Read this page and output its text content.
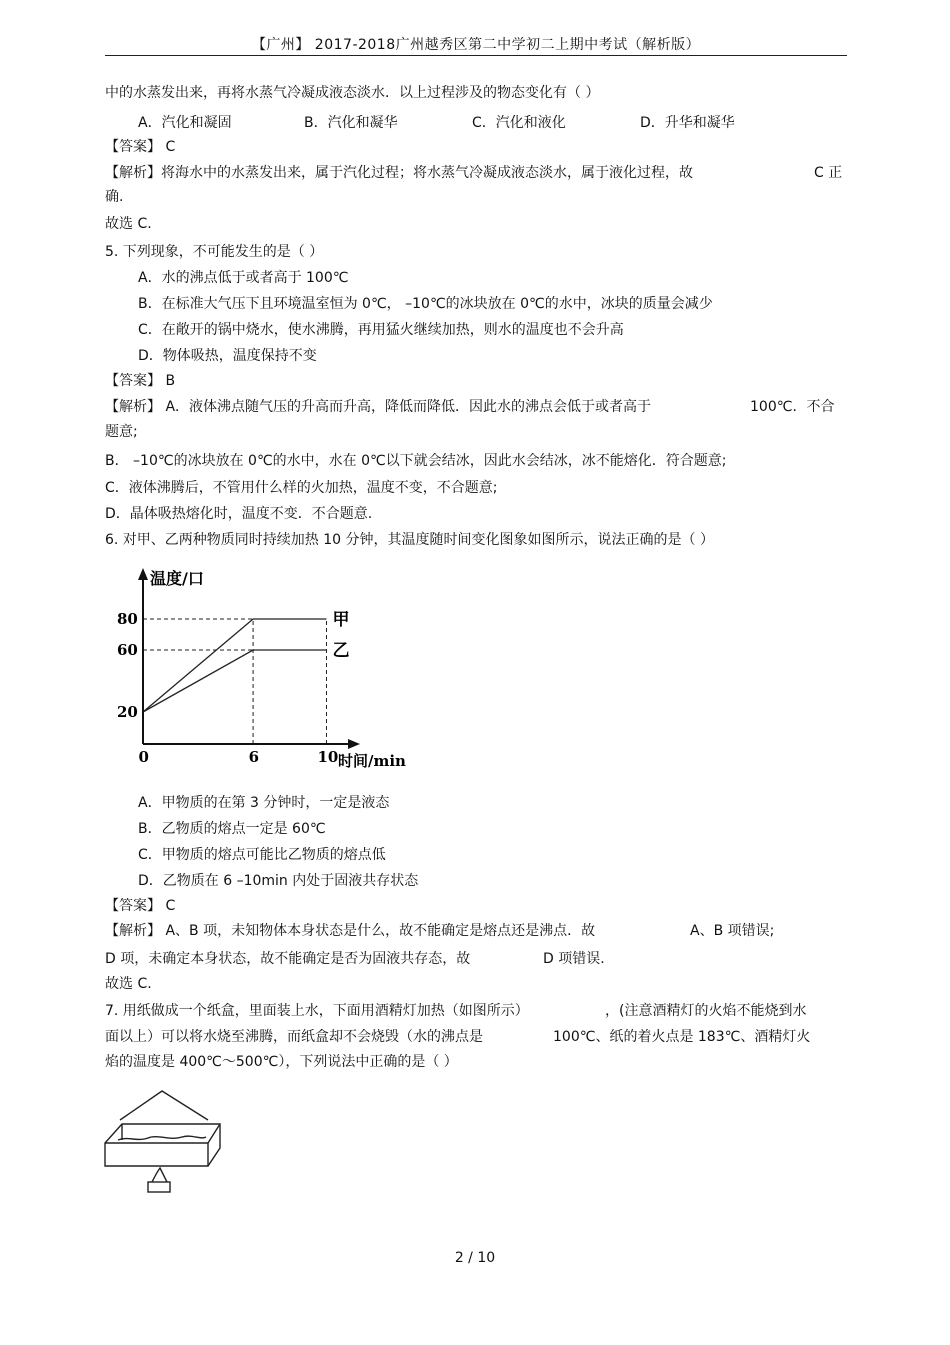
【广州】 2017-2018广州越秀区第二中学初二上期中考试（解析版）
中的水蒸发出来，再将水蒸气冷凝成液态淡水．以上过程涉及的物态变化有（ ）
A．汽化和凝固	B．汽化和凝华	C．汽化和液化	D．升华和凝华
【答案】 C
【解析】将海水中的水蒸发出来，属于汽化过程；将水蒸气冷凝成液态淡水，属于液化过程，故	C 正
确.
故选 C.
5. 下列现象，不可能发生的是（ ）
A．水的沸点低于或者高于 100℃
B．在标准大气压下且环境温室恒为 0℃， –10℃的冰块放在 0℃的水中，冰块的质量会减少
C．在敞开的锅中烧水，使水沸腾，再用猛火继续加热，则水的温度也不会升高
D．物体吸热，温度保持不变
【答案】 B
【解析】 A．液体沸点随气压的升高而升高，降低而降低．因此水的沸点会低于或者高于	100℃．不合
题意;
B． –10℃的冰块放在 0℃的水中，水在 0℃以下就会结冰，因此水会结冰，冰不能熔化．符合题意;
C．液体沸腾后，不管用什么样的火加热，温度不变，不合题意;
D．晶体吸热熔化时，温度不变．不合题意.
6. 对甲、乙两种物质同时持续加热 10 分钟，其温度随时间变化图象如图所示，说法正确的是（ ）
甲
乙
温度/口
时间/min
20
60
80
0	6	10
A．甲物质的在第 3 分钟时，一定是液态
B．乙物质的熔点一定是 60℃
C．甲物质的熔点可能比乙物质的熔点低
D．乙物质在 6 –10min 内处于固液共存状态
【答案】 C
【解析】 A、B 项，未知物体本身状态是什么，故不能确定是熔点还是沸点．故	A、B 项错误;
D 项，未确定本身状态，故不能确定是否为固液共存态，故	D 项错误.
故选 C.
7. 用纸做成一个纸盒，里面装上水，下面用酒精灯加热（如图所示）	，(注意酒精灯的火焰不能烧到水
面以上）可以将水烧至沸腾，而纸盒却不会烧毁（水的沸点是	100℃、纸的着火点是 183℃、酒精灯火
焰的温度是 400℃～500℃），下列说法中正确的是（ ）
2 / 10
